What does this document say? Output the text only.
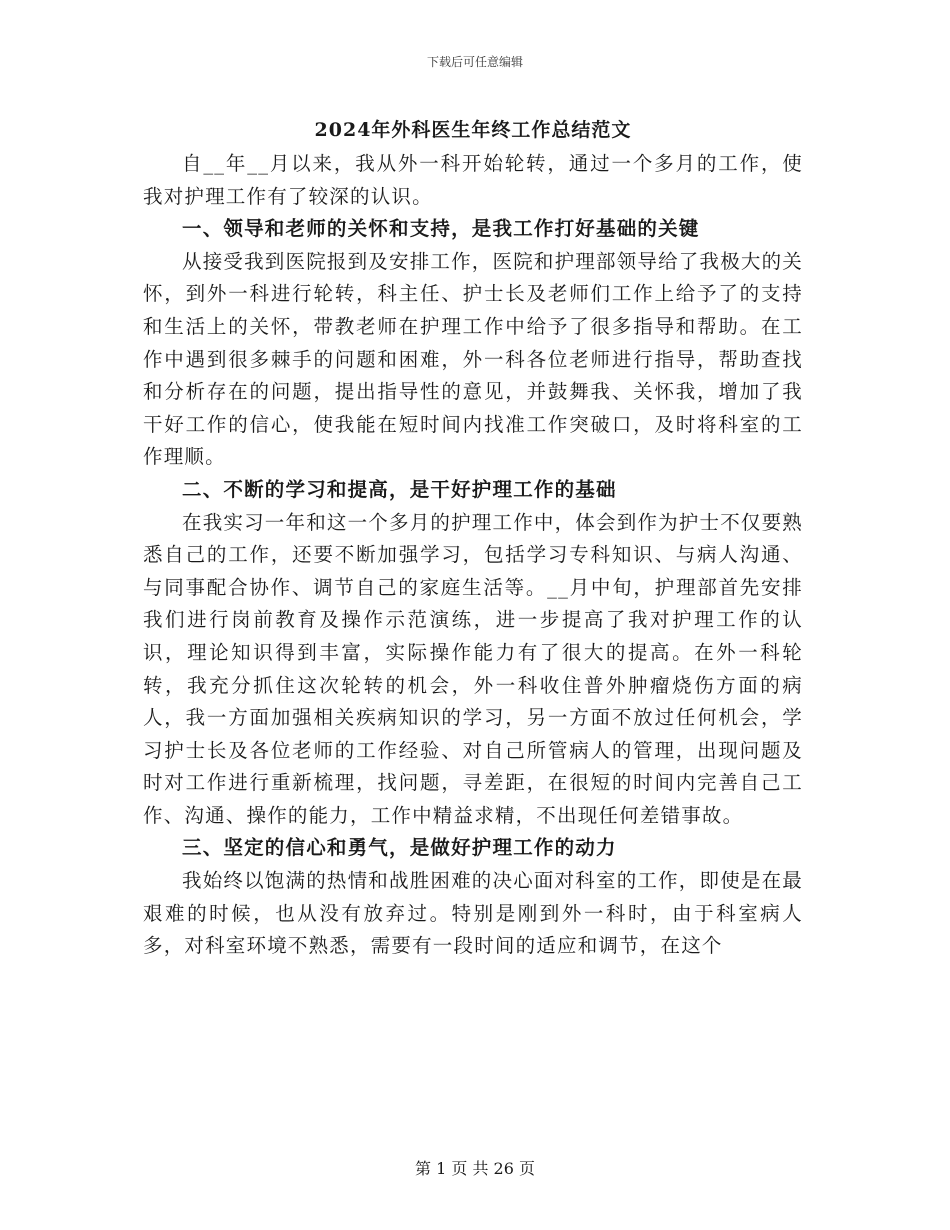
下载后可任意编辑
2024年外科医生年终工作总结范文

自__年__月以来，我从外一科开始轮转，通过一个多月的工作，使我对护理工作有了较深的认识。

一、领导和老师的关怀和支持，是我工作打好基础的关键

从接受我到医院报到及安排工作，医院和护理部领导给了我极大的关怀，到外一科进行轮转，科主任、护士长及老师们工作上给予了的支持和生活上的关怀，带教老师在护理工作中给予了很多指导和帮助。在工作中遇到很多棘手的问题和困难，外一科各位老师进行指导，帮助查找和分析存在的问题，提出指导性的意见，并鼓舞我、关怀我，增加了我干好工作的信心，使我能在短时间内找准工作突破口，及时将科室的工作理顺。

二、不断的学习和提高，是干好护理工作的基础

在我实习一年和这一个多月的护理工作中，体会到作为护士不仅要熟悉自己的工作，还要不断加强学习，包括学习专科知识、与病人沟通、与同事配合协作、调节自己的家庭生活等。__月中旬，护理部首先安排我们进行岗前教育及操作示范演练，进一步提高了我对护理工作的认识，理论知识得到丰富，实际操作能力有了很大的提高。在外一科轮转，我充分抓住这次轮转的机会，外一科收住普外肿瘤烧伤方面的病人，我一方面加强相关疾病知识的学习，另一方面不放过任何机会，学习护士长及各位老师的工作经验、对自己所管病人的管理，出现问题及时对工作进行重新梳理，找问题，寻差距，在很短的时间内完善自己工作、沟通、操作的能力，工作中精益求精，不出现任何差错事故。

三、坚定的信心和勇气，是做好护理工作的动力

我始终以饱满的热情和战胜困难的决心面对科室的工作，即使是在最艰难的时候，也从没有放弃过。特别是刚到外一科时，由于科室病人多，对科室环境不熟悉，需要有一段时间的适应和调节，在这个

第 1 页 共 26 页
